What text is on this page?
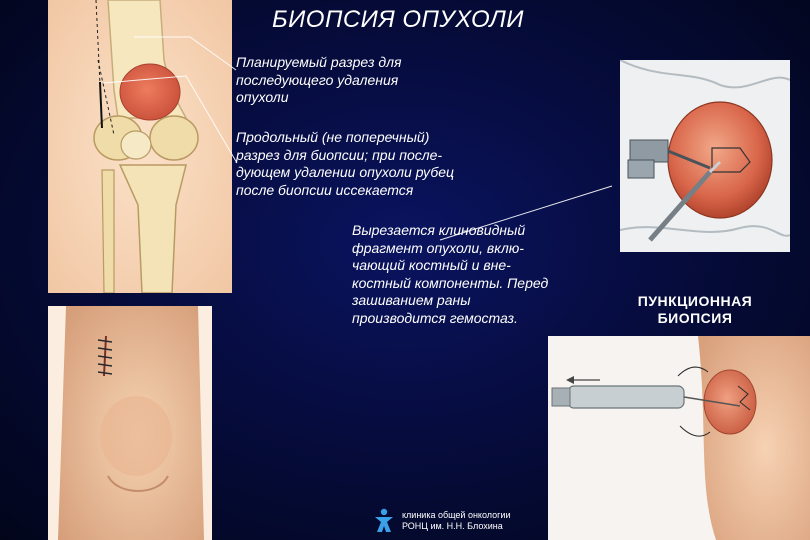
БИОПСИЯ ОПУХОЛИ

Планируемый разрез для
последующего удаления
опухоли

Продольный (не поперечный)
разрез для биопсии; при после-
дующем удалении опухоли рубец
после биопсии иссекается

Вырезается клиновидный
фрагмент опухоли, вклю-
чающий костный и вне-
костный компоненты. Перед
зашиванием раны
производится гемостаз.

ПУНКЦИОННАЯ
БИОПСИЯ
клиника общей онкологии
РОНЦ им. Н.Н. Блохина
